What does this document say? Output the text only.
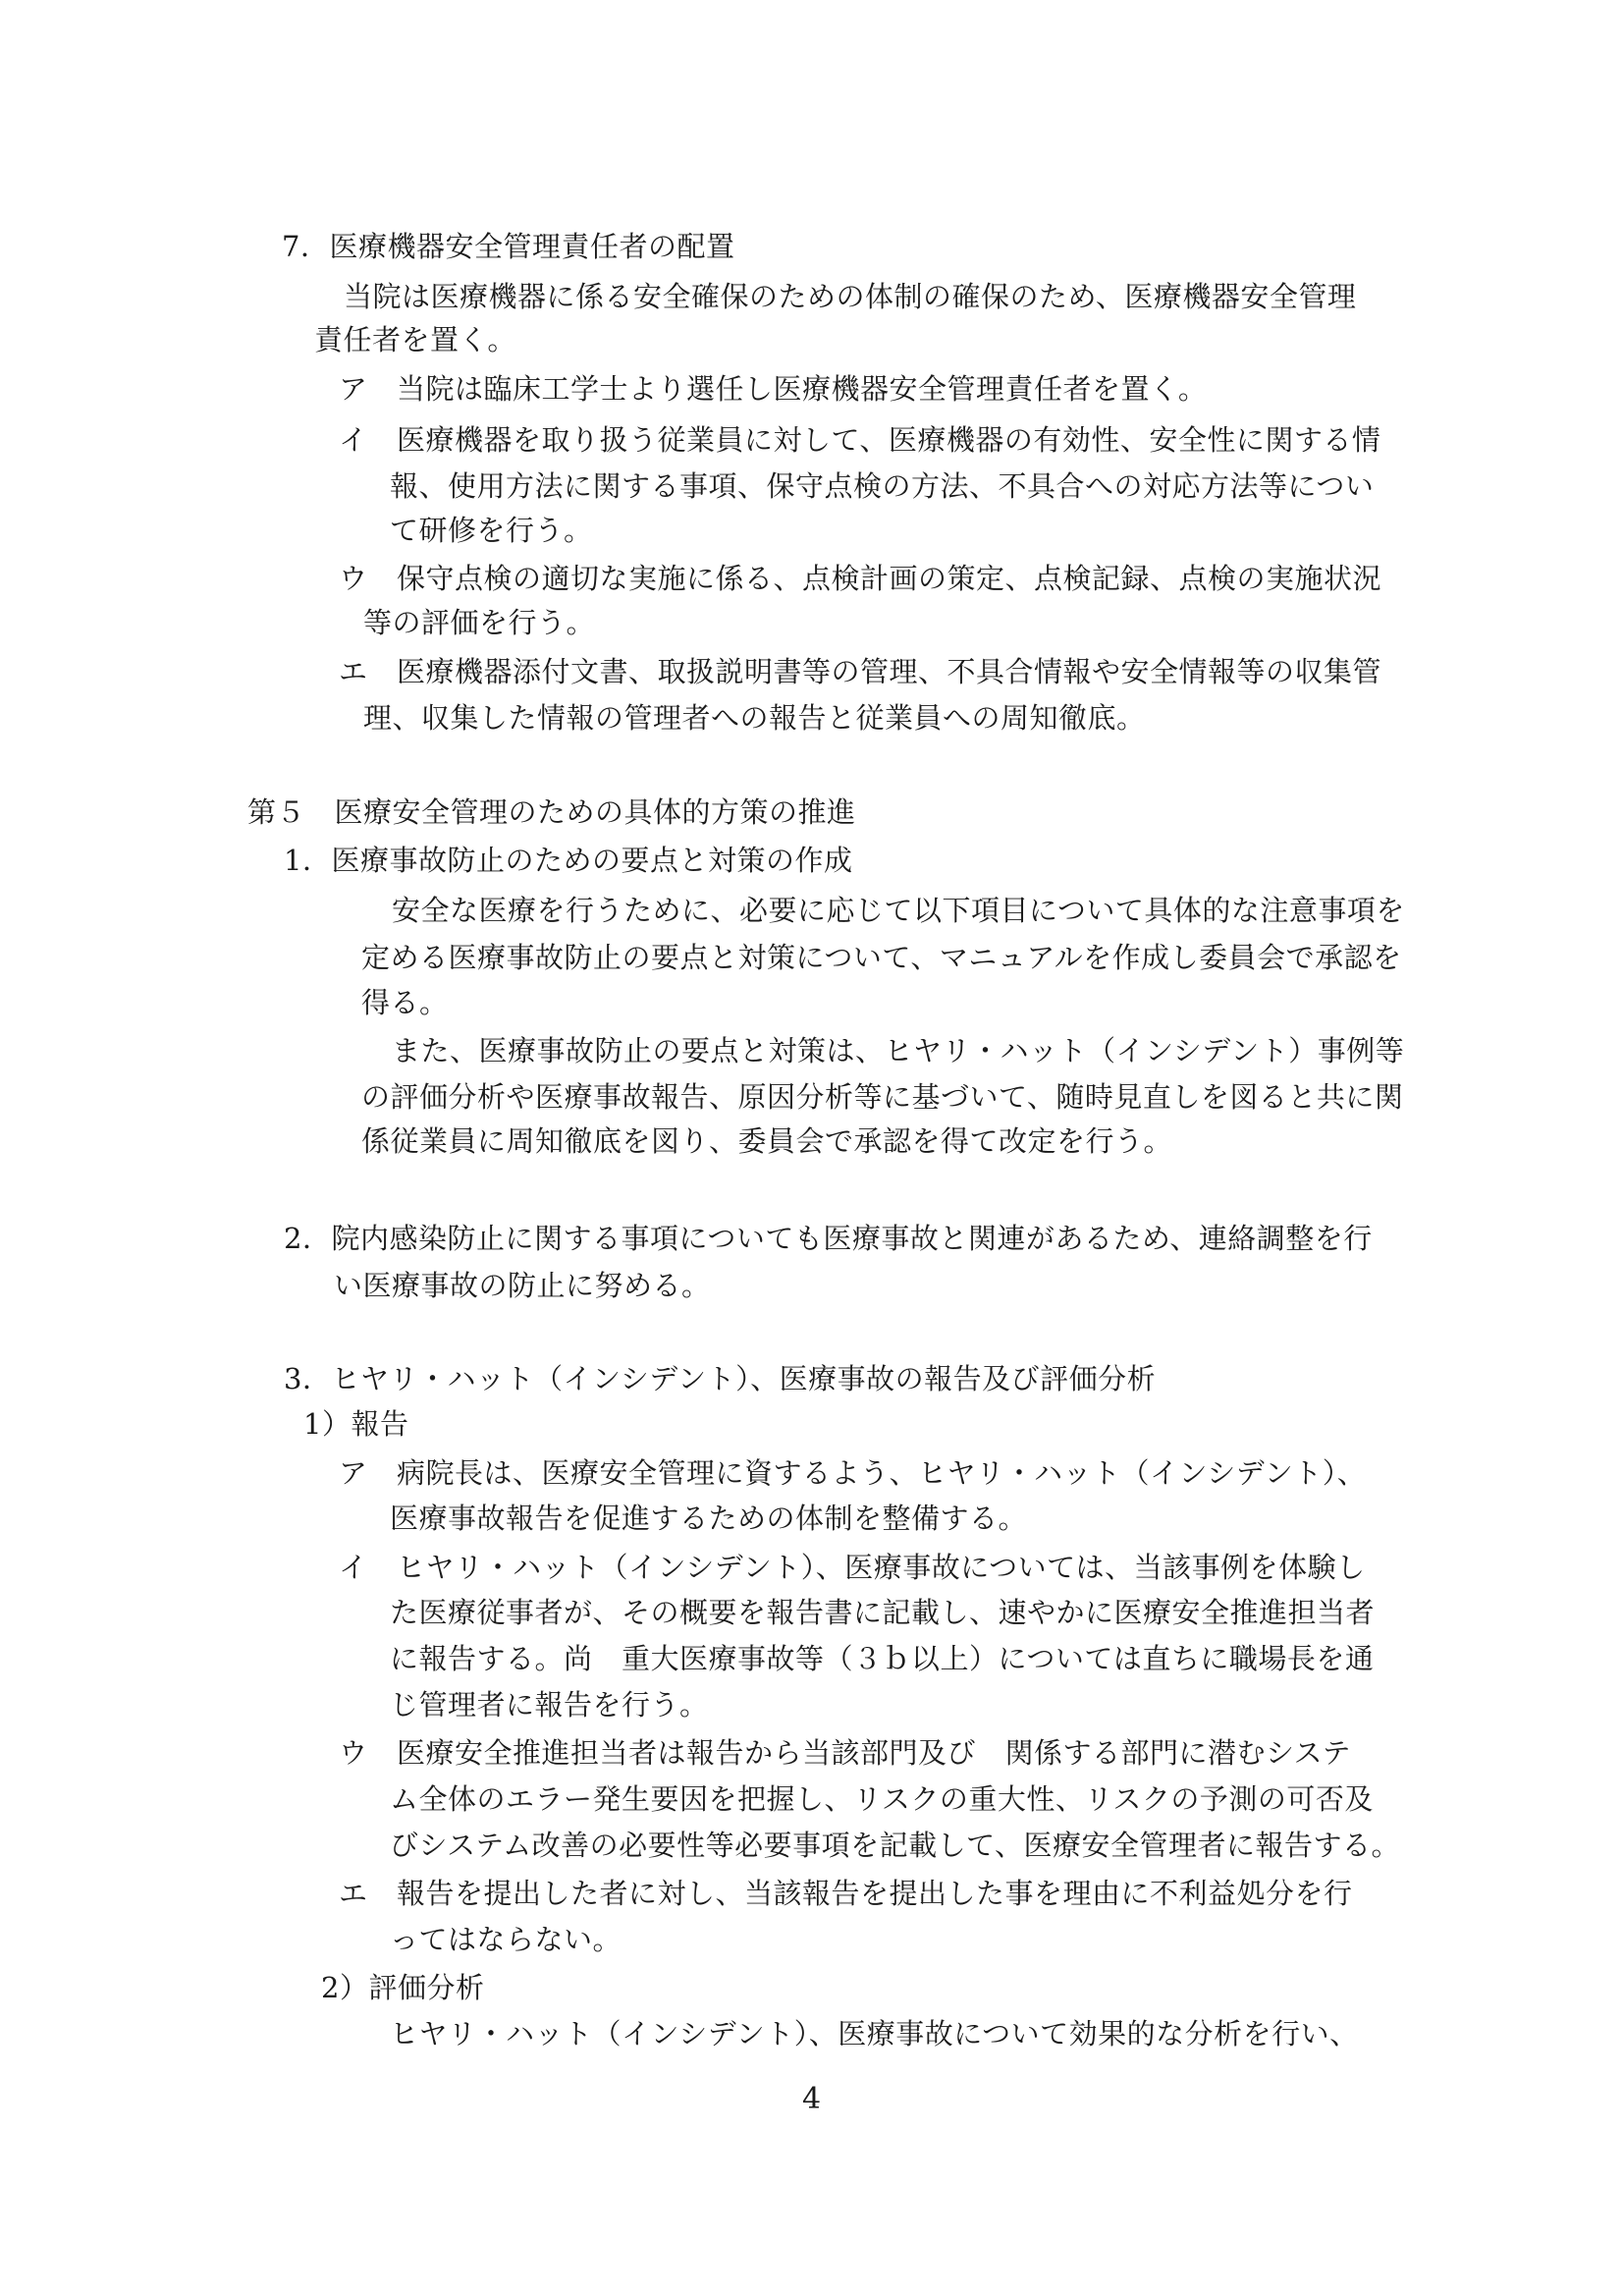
7．医療機器安全管理責任者の配置
当院は医療機器に係る安全確保のための体制の確保のため、医療機器安全管理
責任者を置く。
ア　当院は臨床工学士より選任し医療機器安全管理責任者を置く。
イ　医療機器を取り扱う従業員に対して、医療機器の有効性、安全性に関する情
報、使用方法に関する事項、保守点検の方法、不具合への対応方法等につい
て研修を行う。
ウ　保守点検の適切な実施に係る、点検計画の策定、点検記録、点検の実施状況
等の評価を行う。
エ　医療機器添付文書、取扱説明書等の管理、不具合情報や安全情報等の収集管
理、収集した情報の管理者への報告と従業員への周知徹底。
第５　医療安全管理のための具体的方策の推進
1．医療事故防止のための要点と対策の作成
安全な医療を行うために、必要に応じて以下項目について具体的な注意事項を
定める医療事故防止の要点と対策について、マニュアルを作成し委員会で承認を
得る。
また、医療事故防止の要点と対策は、ヒヤリ・ハット（インシデント）事例等
の評価分析や医療事故報告、原因分析等に基づいて、随時見直しを図ると共に関
係従業員に周知徹底を図り、委員会で承認を得て改定を行う。
2．院内感染防止に関する事項についても医療事故と関連があるため、連絡調整を行
い医療事故の防止に努める。
3．ヒヤリ・ハット（インシデント）、医療事故の報告及び評価分析
1）報告
ア　病院長は、医療安全管理に資するよう、ヒヤリ・ハット（インシデント）、
医療事故報告を促進するための体制を整備する。
イ　ヒヤリ・ハット（インシデント）、医療事故については、当該事例を体験し
た医療従事者が、その概要を報告書に記載し、速やかに医療安全推進担当者
に報告する。尚　重大医療事故等（３ｂ以上）については直ちに職場長を通
じ管理者に報告を行う。
ウ　医療安全推進担当者は報告から当該部門及び　関係する部門に潜むシステ
ム全体のエラー発生要因を把握し、リスクの重大性、リスクの予測の可否及
びシステム改善の必要性等必要事項を記載して、医療安全管理者に報告する。
エ　報告を提出した者に対し、当該報告を提出した事を理由に不利益処分を行
ってはならない。
2）評価分析
ヒヤリ・ハット（インシデント）、医療事故について効果的な分析を行い、
4
